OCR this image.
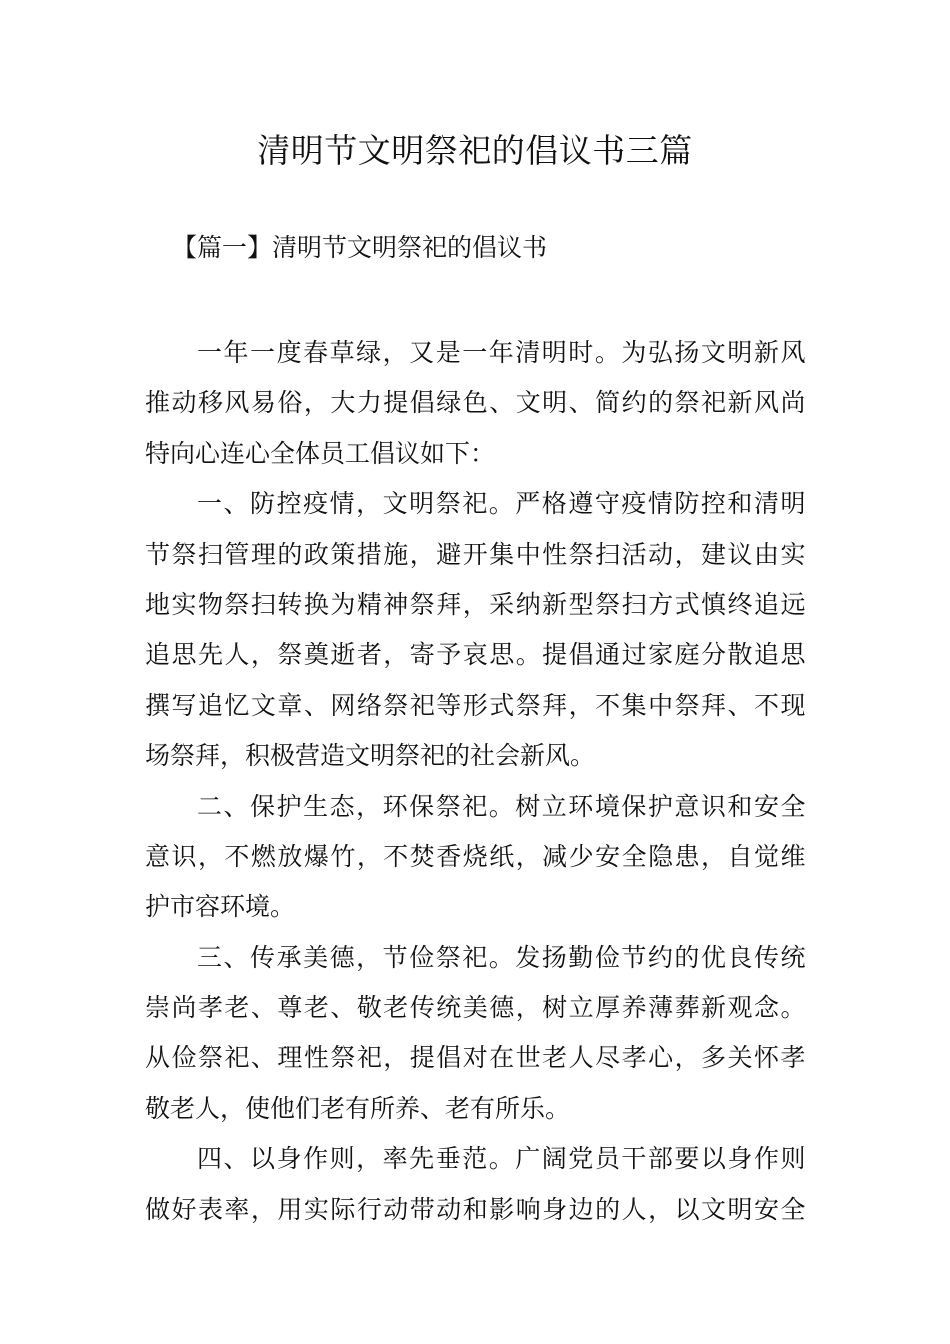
清明节文明祭祀的倡议书三篇
【篇一】清明节文明祭祀的倡议书
一年一度春草绿，又是一年清明时。为弘扬文明新风
推动移风易俗，大力提倡绿色、文明、简约的祭祀新风尚
特向心连心全体员工倡议如下：
一、防控疫情，文明祭祀。严格遵守疫情防控和清明
节祭扫管理的政策措施，避开集中性祭扫活动，建议由实
地实物祭扫转换为精神祭拜，采纳新型祭扫方式慎终追远
追思先人，祭奠逝者，寄予哀思。提倡通过家庭分散追思
撰写追忆文章、网络祭祀等形式祭拜，不集中祭拜、不现
场祭拜，积极营造文明祭祀的社会新风。
二、保护生态，环保祭祀。树立环境保护意识和安全
意识，不燃放爆竹，不焚香烧纸，减少安全隐患，自觉维
护市容环境。
三、传承美德，节俭祭祀。发扬勤俭节约的优良传统
崇尚孝老、尊老、敬老传统美德，树立厚养薄葬新观念。
从俭祭祀、理性祭祀，提倡对在世老人尽孝心，多关怀孝
敬老人，使他们老有所养、老有所乐。
四、以身作则，率先垂范。广阔党员干部要以身作则
做好表率，用实际行动带动和影响身边的人，以文明安全
